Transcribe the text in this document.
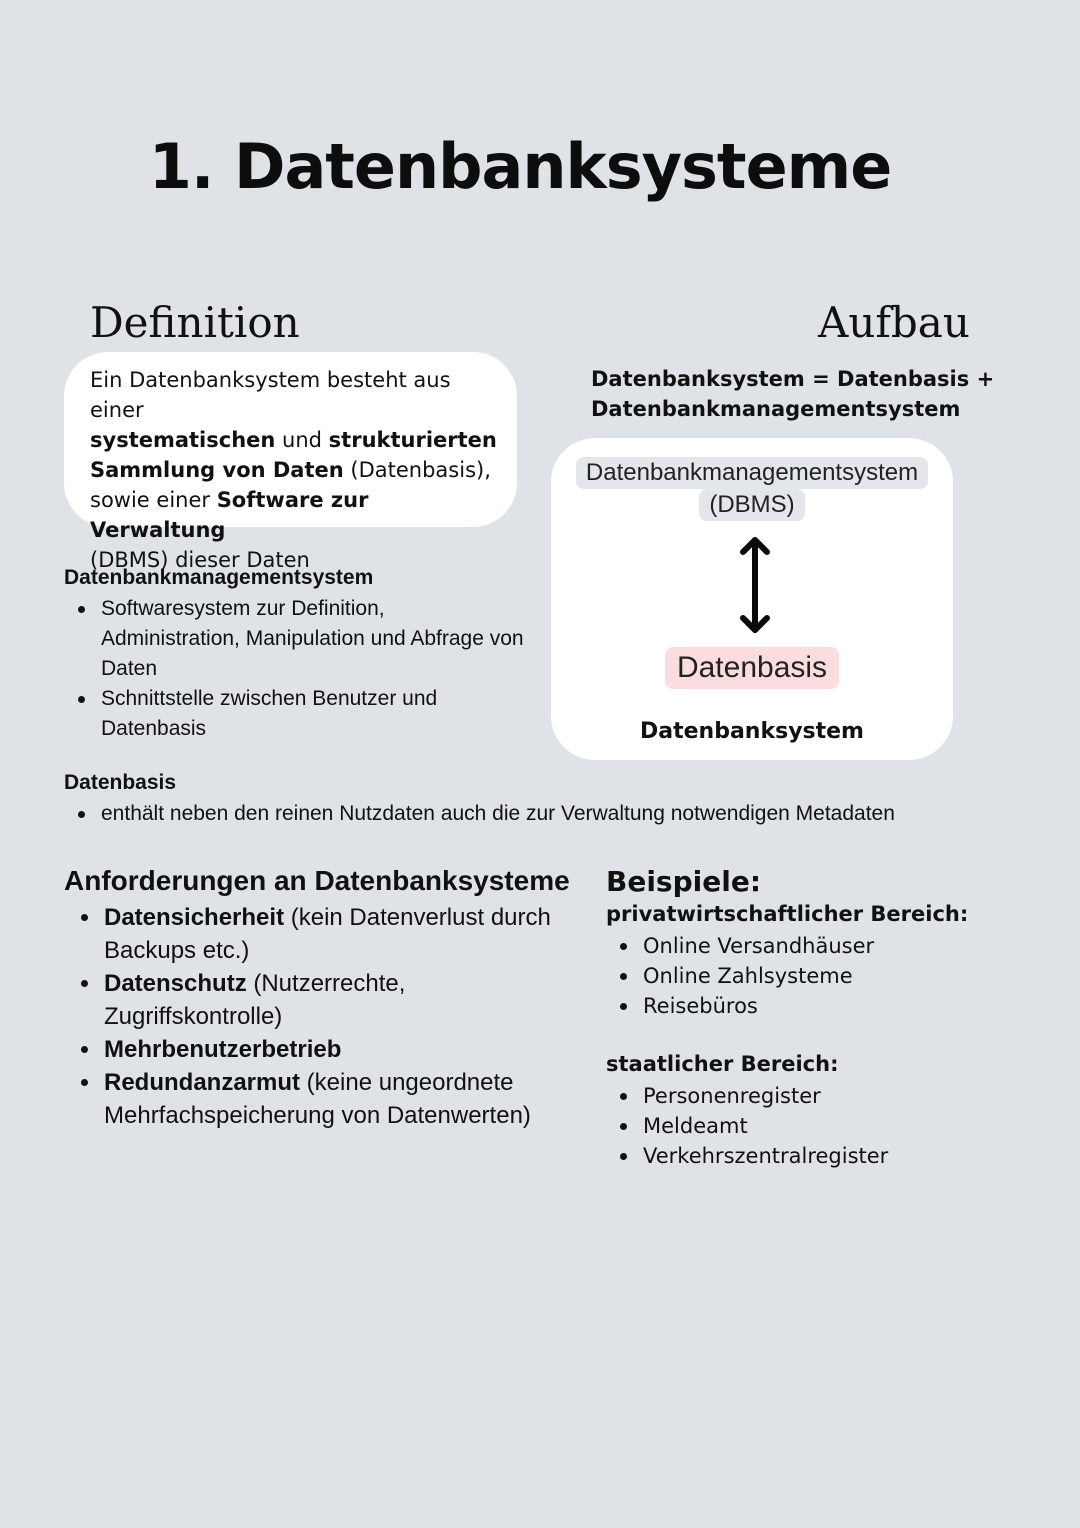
1. Datenbanksysteme
Definition
Ein Datenbanksystem besteht aus einer
systematischen und strukturierten
Sammlung von Daten (Datenbasis),
sowie einer Software zur Verwaltung
(DBMS) dieser Daten
Aufbau
Datenbanksystem = Datenbasis +
Datenbankmanagementsystem
Datenbankmanagementsystem
(DBMS)
Datenbasis
Datenbanksystem
Datenbankmanagementsystem
Softwaresystem zur Definition, Administration, Manipulation und Abfrage von Daten
Schnittstelle zwischen Benutzer und Datenbasis
Datenbasis
enthält neben den reinen Nutzdaten auch die zur Verwaltung notwendigen Metadaten
Anforderungen an Datenbanksysteme
Datensicherheit (kein Datenverlust durch Backups etc.)
Datenschutz (Nutzerrechte, Zugriffskontrolle)
Mehrbenutzerbetrieb
Redundanzarmut (keine ungeordnete Mehrfachspeicherung von Datenwerten)
Beispiele:
privatwirtschaftlicher Bereich:
Online Versandhäuser
Online Zahlsysteme
Reisebüros
staatlicher Bereich:
Personenregister
Meldeamt
Verkehrszentralregister
